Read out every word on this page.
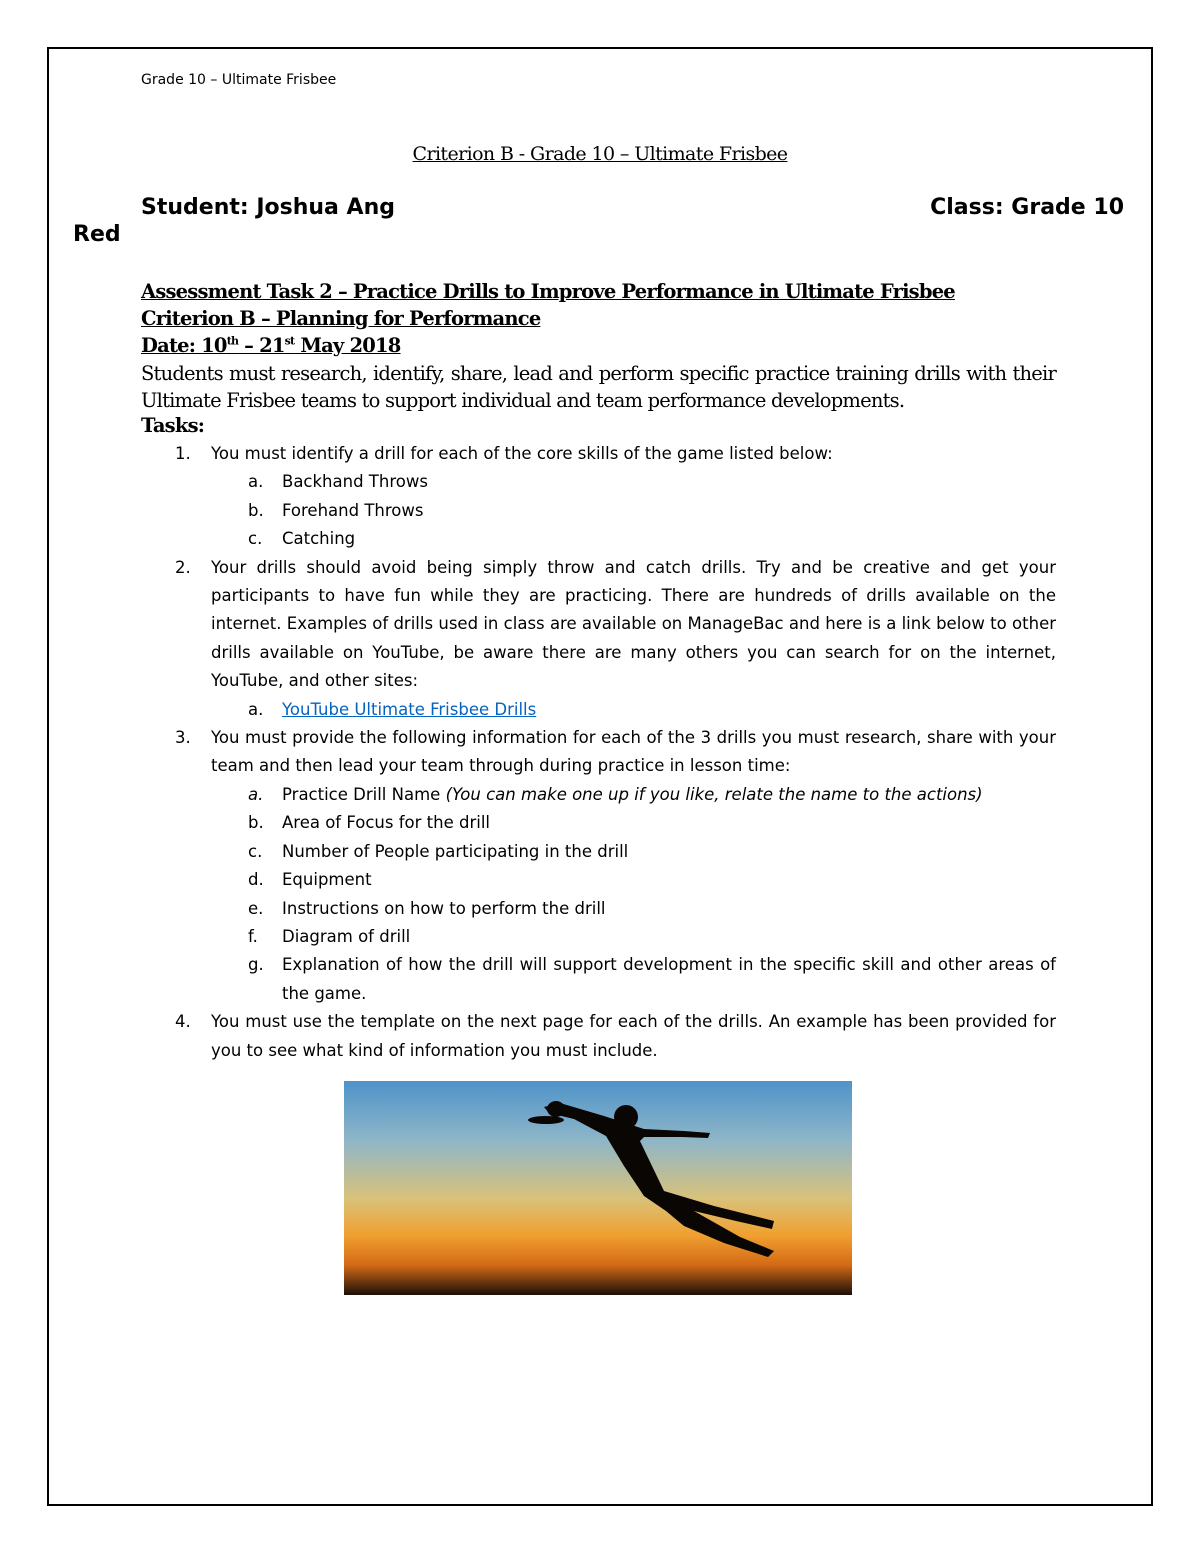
Grade 10 – Ultimate Frisbee
Criterion B - Grade 10 – Ultimate Frisbee
Student: Joshua Ang	Class: Grade 10
Red
Assessment Task 2 – Practice Drills to Improve Performance in Ultimate Frisbee
Criterion B – Planning for Performance
Date: 10th – 21st May 2018
Students must research, identify, share, lead and perform specific practice training drills with their Ultimate Frisbee teams to support individual and team performance developments.
Tasks:
1. You must identify a drill for each of the core skills of the game listed below:
a. Backhand Throws
b. Forehand Throws
c. Catching
2. Your drills should avoid being simply throw and catch drills. Try and be creative and get your participants to have fun while they are practicing. There are hundreds of drills available on the internet. Examples of drills used in class are available on ManageBac and here is a link below to other drills available on YouTube, be aware there are many others you can search for on the internet, YouTube, and other sites:
a. YouTube Ultimate Frisbee Drills
3. You must provide the following information for each of the 3 drills you must research, share with your team and then lead your team through during practice in lesson time:
a. Practice Drill Name (You can make one up if you like, relate the name to the actions)
b. Area of Focus for the drill
c. Number of People participating in the drill
d. Equipment
e. Instructions on how to perform the drill
f. Diagram of drill
g. Explanation of how the drill will support development in the specific skill and other areas of the game.
4. You must use the template on the next page for each of the drills. An example has been provided for you to see what kind of information you must include.
